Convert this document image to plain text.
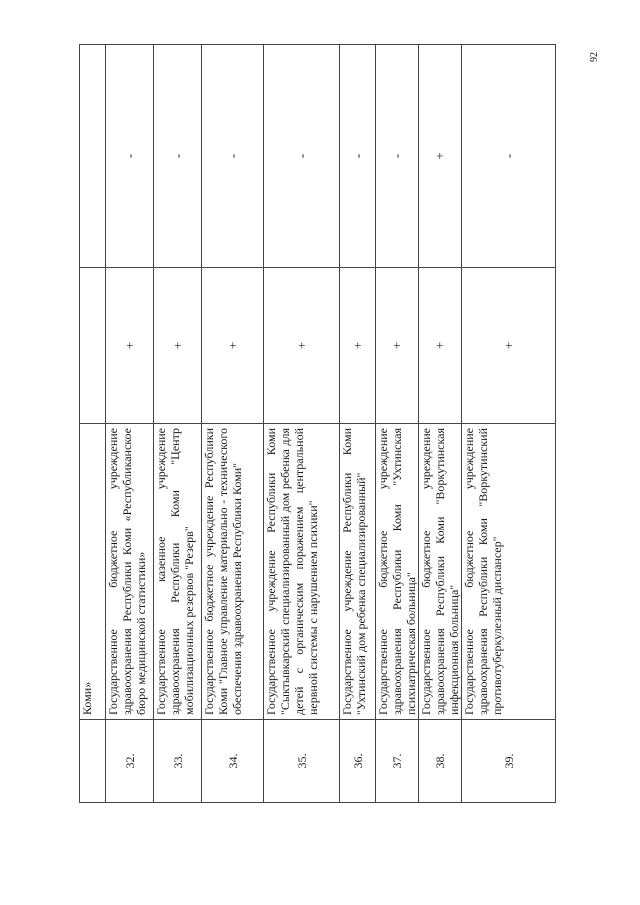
92
	Коми»		
32.	Государственное бюджетное учреждение здравоохранения Республики Коми «Республиканское бюро медицинской статистики»	+	-
33.	Государственное казенное учреждение здравоохранения Республики Коми "Центр мобилизационных резервов "Резерв"	+	-
34.	Государственное бюджетное учреждение Республики Коми "Главное управление материально - технического обеспечения здравоохранения Республики Коми"	+	-
35.	Государственное учреждение Республики Коми "Сыктывкарский специализированный дом ребенка для детей с органическим поражением центральной нервной системы с нарушением психики"	+	-
36.	Государственное учреждение Республики Коми "Ухтинский дом ребенка специализированный"	+	-
37.	Государственное бюджетное учреждение здравоохранения Республики Коми "Ухтинская психиатрическая больница"	+	-
38.	Государственное бюджетное учреждение здравоохранения Республики Коми "Воркутинская инфекционная больница"	+	+
39.	Государственное бюджетное учреждение здравоохранения Республики Коми "Воркутинский противотуберкулезный диспансер"	+	-
